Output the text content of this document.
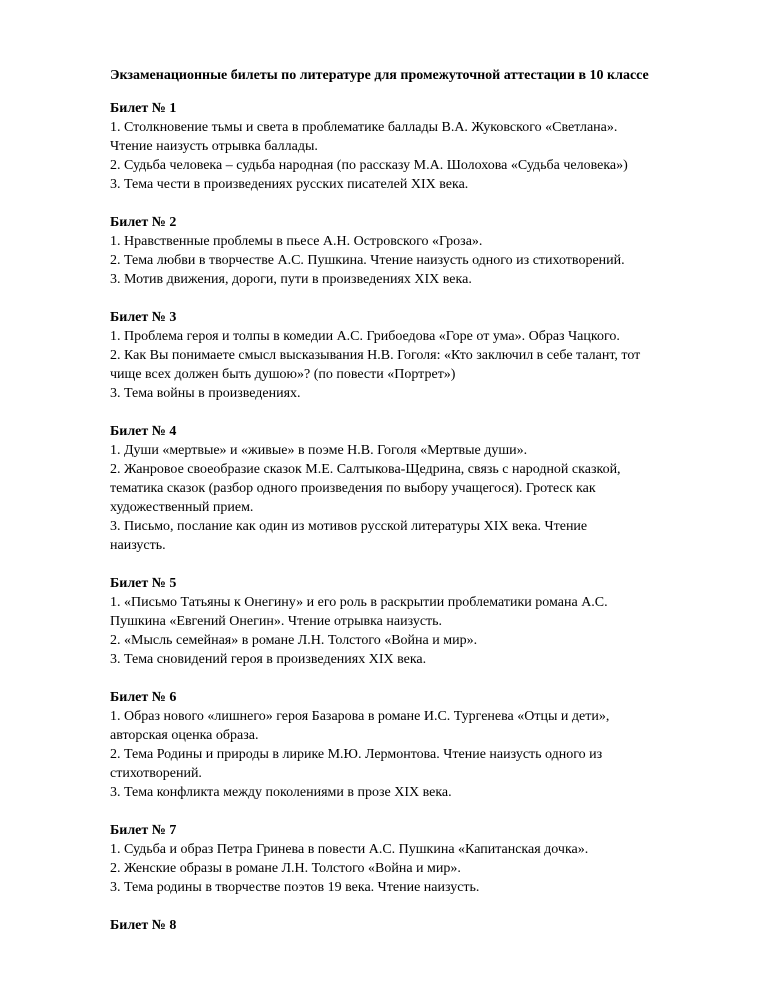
Экзаменационные билеты по литературе для промежуточной аттестации в 10 классе

Билет № 1

1. Столкновение тьмы и света в проблематике баллады В.А. Жуковского «Светлана».

Чтение наизусть отрывка баллады.

2. Судьба человека – судьба народная (по рассказу М.А. Шолохова «Судьба человека»)

3. Тема чести в произведениях русских писателей XIX века.

Билет № 2

1. Нравственные проблемы в пьесе А.Н. Островского «Гроза».

2. Тема любви в творчестве А.С. Пушкина. Чтение наизусть одного из стихотворений.

3. Мотив движения, дороги, пути в произведениях XIX века.

Билет № 3

1. Проблема героя и толпы в комедии А.С. Грибоедова «Горе от ума». Образ Чацкого.

2. Как Вы понимаете смысл высказывания Н.В. Гоголя: «Кто заключил в себе талант, тот

чище всех должен быть душою»? (по повести «Портрет»)

3. Тема войны в произведениях.

Билет № 4

1. Души «мертвые» и «живые» в поэме Н.В. Гоголя «Мертвые души».

2. Жанровое своеобразие сказок М.Е. Салтыкова-Щедрина, связь с народной сказкой,

тематика сказок (разбор одного произведения по выбору учащегося). Гротеск как

художественный прием.

3. Письмо, послание как один из мотивов русской литературы XIX века. Чтение

наизусть.

Билет № 5

1. «Письмо Татьяны к Онегину» и его роль в раскрытии проблематики романа А.С.

Пушкина «Евгений Онегин». Чтение отрывка наизусть.

2. «Мысль семейная» в романе Л.Н. Толстого «Война и мир».

3. Тема сновидений героя в произведениях XIX века.

Билет № 6

1. Образ нового «лишнего» героя Базарова в романе И.С. Тургенева «Отцы и дети»,

авторская оценка образа.

2. Тема Родины и природы в лирике М.Ю. Лермонтова. Чтение наизусть одного из

стихотворений.

3. Тема конфликта между поколениями в прозе XIX века.

Билет № 7

1. Судьба и образ Петра Гринева в повести А.С. Пушкина «Капитанская дочка».

2. Женские образы в романе Л.Н. Толстого «Война и мир».

3. Тема родины в творчестве поэтов 19 века. Чтение наизусть.

Билет № 8
